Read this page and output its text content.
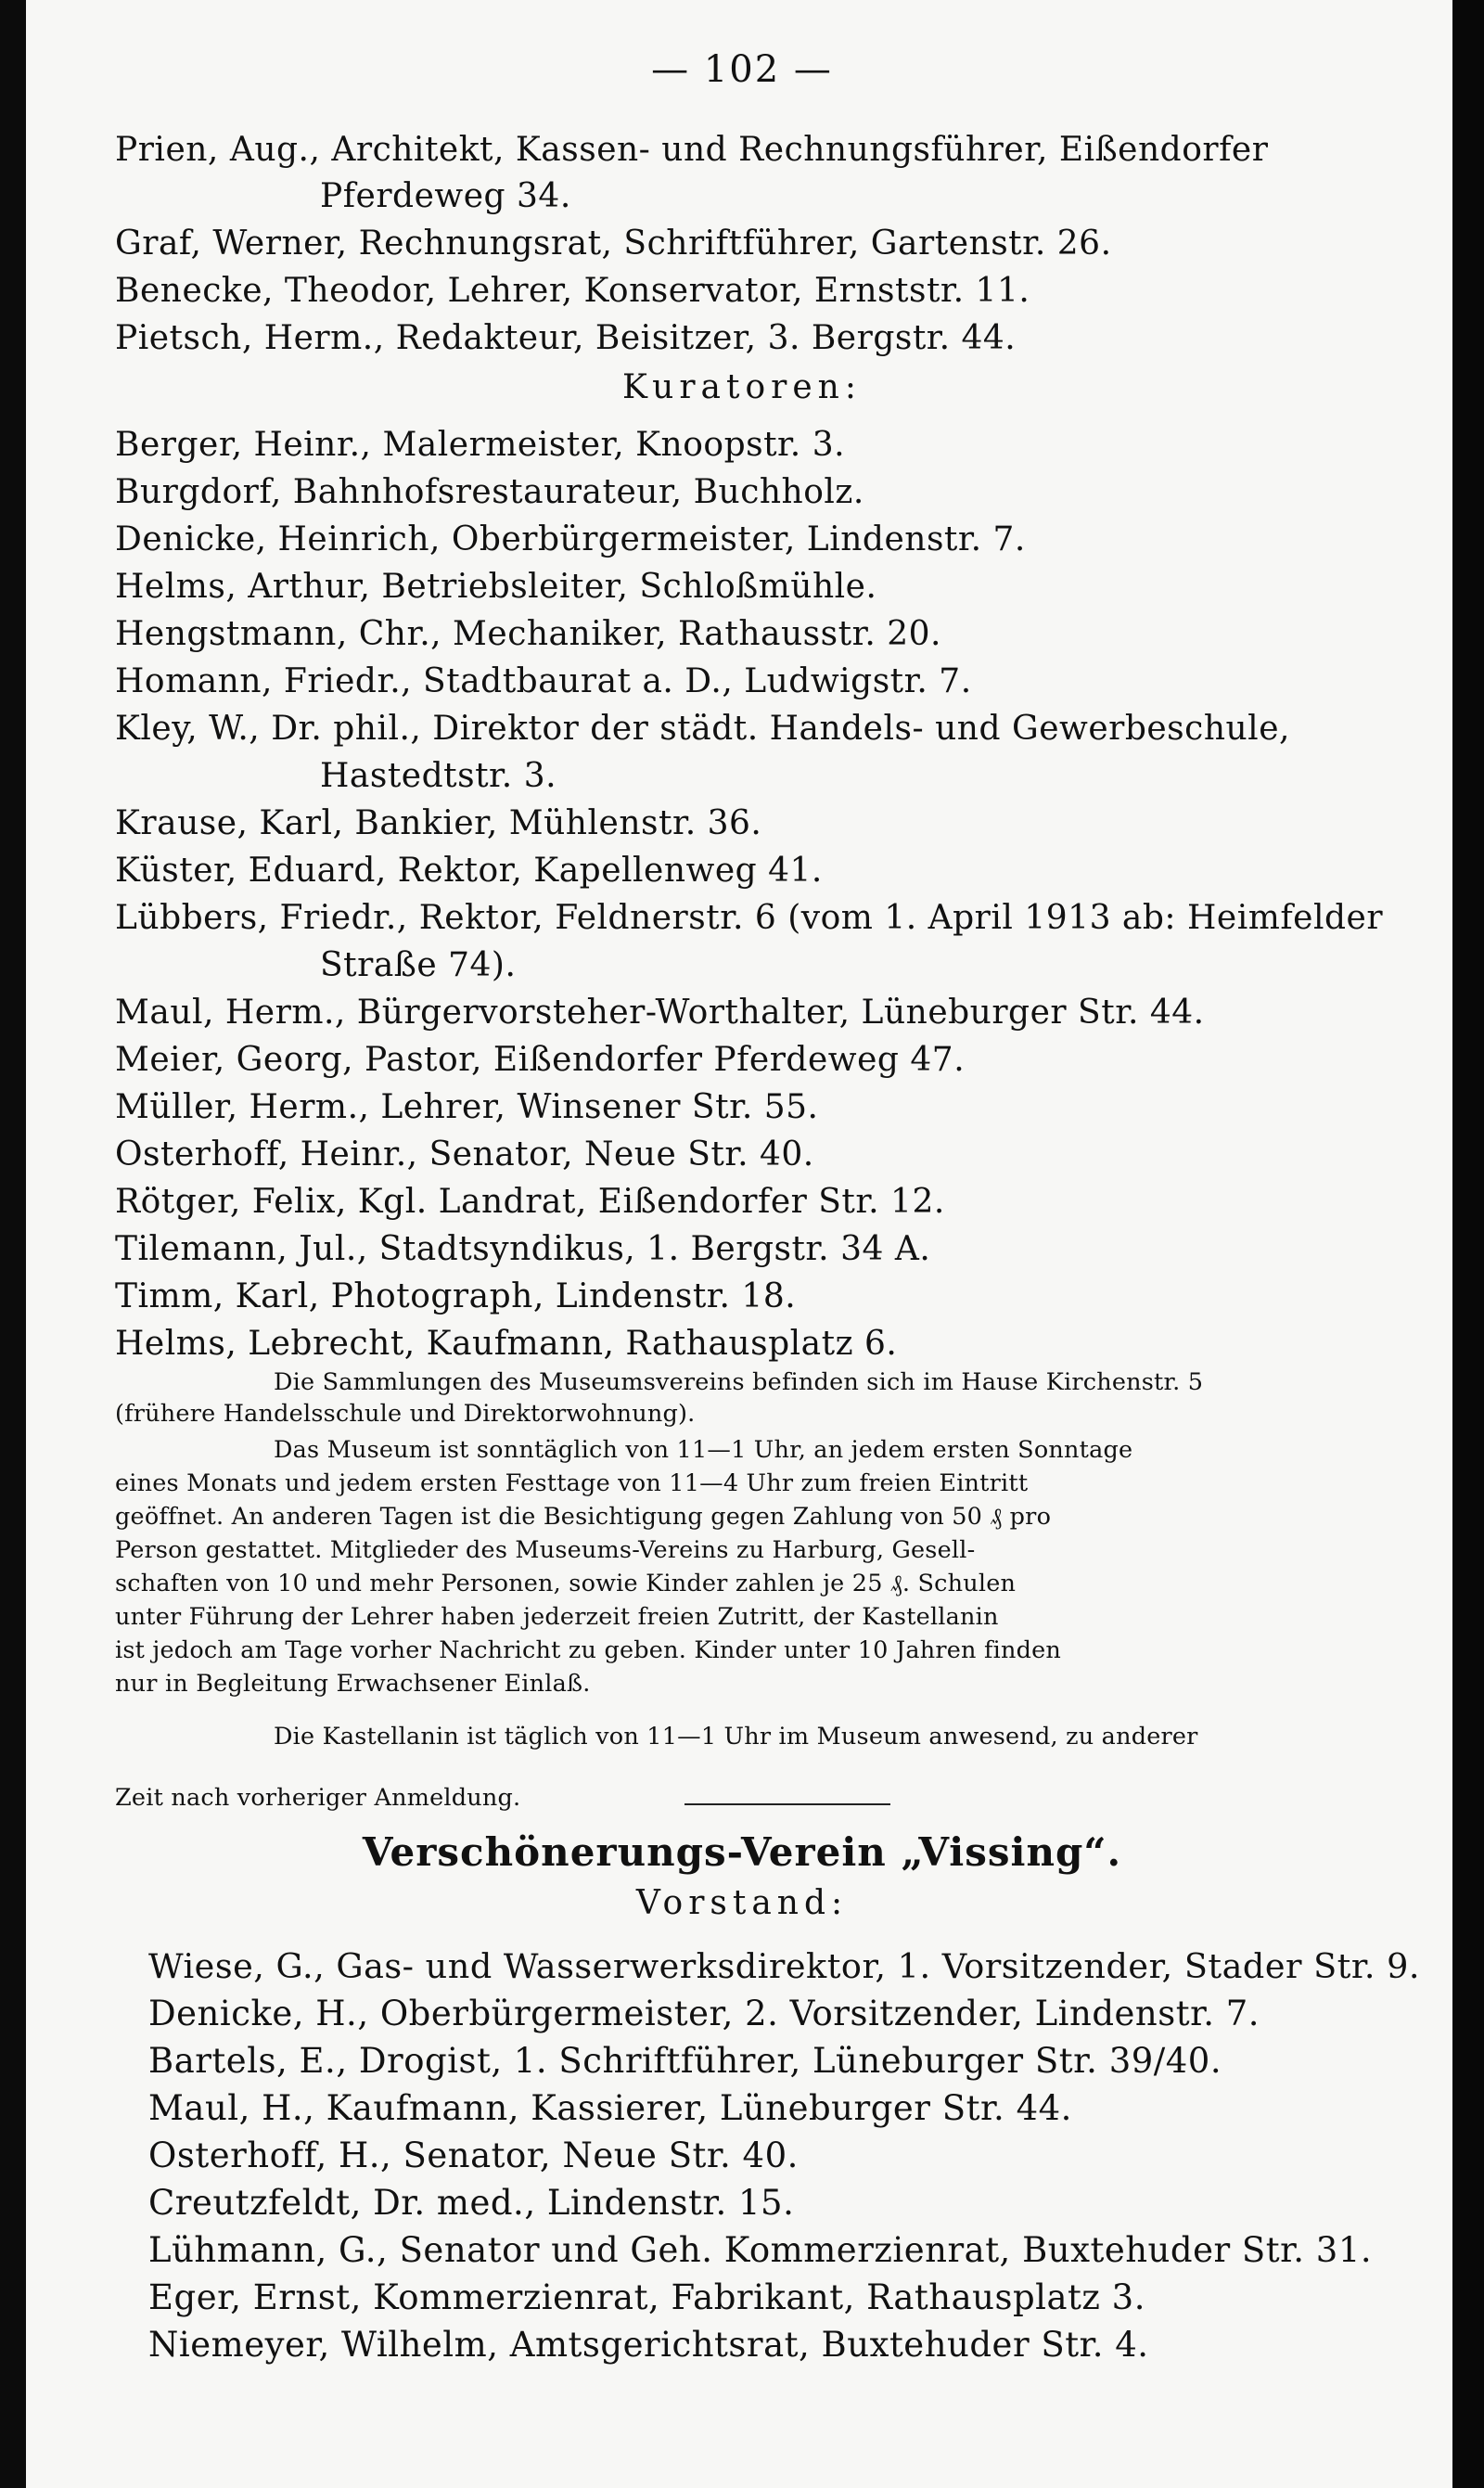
— 102 —
Prien, Aug., Architekt, Kassen- und Rechnungsführer, Eißendorfer
Pferdeweg 34.
Graf, Werner, Rechnungsrat, Schriftführer, Gartenstr. 26.
Benecke, Theodor, Lehrer, Konservator, Ernststr. 11.
Pietsch, Herm., Redakteur, Beisitzer, 3. Bergstr. 44.
Kuratoren:
Berger, Heinr., Malermeister, Knoopstr. 3.
Burgdorf, Bahnhofsrestaurateur, Buchholz.
Denicke, Heinrich, Oberbürgermeister, Lindenstr. 7.
Helms, Arthur, Betriebsleiter, Schloßmühle.
Hengstmann, Chr., Mechaniker, Rathausstr. 20.
Homann, Friedr., Stadtbaurat a. D., Ludwigstr. 7.
Kley, W., Dr. phil., Direktor der städt. Handels- und Gewerbeschule,
Hastedtstr. 3.
Krause, Karl, Bankier, Mühlenstr. 36.
Küster, Eduard, Rektor, Kapellenweg 41.
Lübbers, Friedr., Rektor, Feldnerstr. 6 (vom 1. April 1913 ab: Heimfelder
Straße 74).
Maul, Herm., Bürgervorsteher-Worthalter, Lüneburger Str. 44.
Meier, Georg, Pastor, Eißendorfer Pferdeweg 47.
Müller, Herm., Lehrer, Winsener Str. 55.
Osterhoff, Heinr., Senator, Neue Str. 40.
Rötger, Felix, Kgl. Landrat, Eißendorfer Str. 12.
Tilemann, Jul., Stadtsyndikus, 1. Bergstr. 34 A.
Timm, Karl, Photograph, Lindenstr. 18.
Helms, Lebrecht, Kaufmann, Rathausplatz 6.
Die Sammlungen des Museumsvereins befinden sich im Hause Kirchenstr. 5
(frühere Handelsschule und Direktorwohnung).
Das Museum ist sonntäglich von 11—1 Uhr, an jedem ersten Sonntage
eines Monats und jedem ersten Festtage von 11—4 Uhr zum freien Eintritt
geöffnet. An anderen Tagen ist die Besichtigung gegen Zahlung von 50 ₰ pro
Person gestattet. Mitglieder des Museums-Vereins zu Harburg, Gesell-
schaften von 10 und mehr Personen, sowie Kinder zahlen je 25 ₰. Schulen
unter Führung der Lehrer haben jederzeit freien Zutritt, der Kastellanin
ist jedoch am Tage vorher Nachricht zu geben. Kinder unter 10 Jahren finden
nur in Begleitung Erwachsener Einlaß.
Die Kastellanin ist täglich von 11—1 Uhr im Museum anwesend, zu anderer
Zeit nach vorheriger Anmeldung.
Verschönerungs-Verein „Vissing“.
Vorstand:
Wiese, G., Gas- und Wasserwerksdirektor, 1. Vorsitzender, Stader Str. 9.
Denicke, H., Oberbürgermeister, 2. Vorsitzender, Lindenstr. 7.
Bartels, E., Drogist, 1. Schriftführer, Lüneburger Str. 39/40.
Maul, H., Kaufmann, Kassierer, Lüneburger Str. 44.
Osterhoff, H., Senator, Neue Str. 40.
Creutzfeldt, Dr. med., Lindenstr. 15.
Lühmann, G., Senator und Geh. Kommerzienrat, Buxtehuder Str. 31.
Eger, Ernst, Kommerzienrat, Fabrikant, Rathausplatz 3.
Niemeyer, Wilhelm, Amtsgerichtsrat, Buxtehuder Str. 4.
